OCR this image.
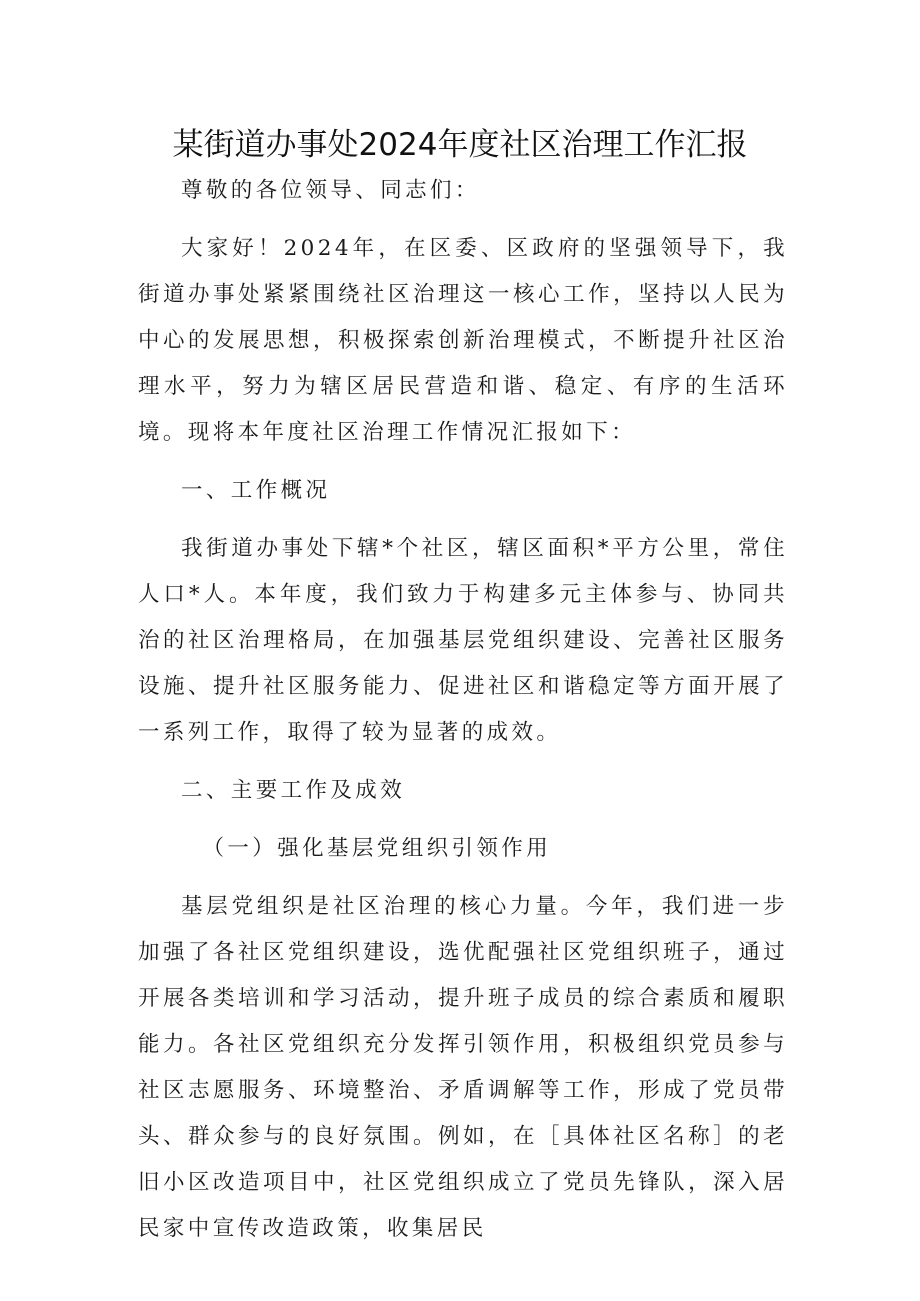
某街道办事处2024年度社区治理工作汇报

尊敬的各位领导、同志们：

大家好！2024年，在区委、区政府的坚强领导下，我街道办事处紧紧围绕社区治理这一核心工作，坚持以人民为中心的发展思想，积极探索创新治理模式，不断提升社区治理水平，努力为辖区居民营造和谐、稳定、有序的生活环境。现将本年度社区治理工作情况汇报如下：

一、工作概况

我街道办事处下辖*个社区，辖区面积*平方公里，常住人口*人。本年度，我们致力于构建多元主体参与、协同共治的社区治理格局，在加强基层党组织建设、完善社区服务设施、提升社区服务能力、促进社区和谐稳定等方面开展了一系列工作，取得了较为显著的成效。

二、主要工作及成效

（一）强化基层党组织引领作用

基层党组织是社区治理的核心力量。今年，我们进一步加强了各社区党组织建设，选优配强社区党组织班子，通过开展各类培训和学习活动，提升班子成员的综合素质和履职能力。各社区党组织充分发挥引领作用，积极组织党员参与社区志愿服务、环境整治、矛盾调解等工作，形成了党员带头、群众参与的良好氛围。例如，在［具体社区名称］的老旧小区改造项目中，社区党组织成立了党员先锋队，深入居民家中宣传改造政策，收集居民
